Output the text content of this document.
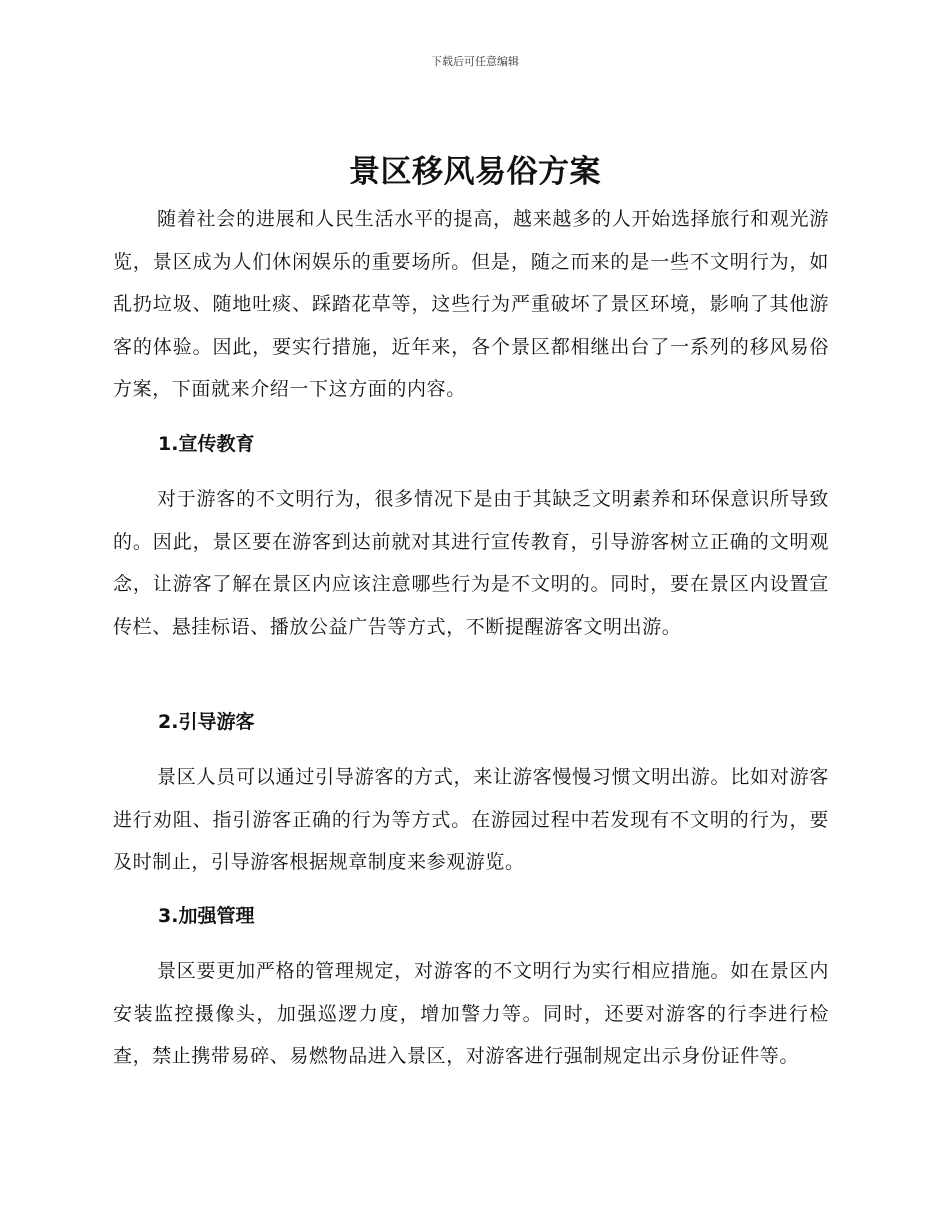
下载后可任意编辑
景区移风易俗方案

随着社会的进展和人民生活水平的提高，越来越多的人开始选择旅行和观光游览，景区成为人们休闲娱乐的重要场所。但是，随之而来的是一些不文明行为，如乱扔垃圾、随地吐痰、踩踏花草等，这些行为严重破坏了景区环境，影响了其他游客的体验。因此，要实行措施，近年来，各个景区都相继出台了一系列的移风易俗方案，下面就来介绍一下这方面的内容。

1.宣传教育

对于游客的不文明行为，很多情况下是由于其缺乏文明素养和环保意识所导致的。因此，景区要在游客到达前就对其进行宣传教育，引导游客树立正确的文明观念，让游客了解在景区内应该注意哪些行为是不文明的。同时，要在景区内设置宣传栏、悬挂标语、播放公益广告等方式，不断提醒游客文明出游。

2.引导游客

景区人员可以通过引导游客的方式，来让游客慢慢习惯文明出游。比如对游客进行劝阻、指引游客正确的行为等方式。在游园过程中若发现有不文明的行为，要及时制止，引导游客根据规章制度来参观游览。

3.加强管理

景区要更加严格的管理规定，对游客的不文明行为实行相应措施。如在景区内安装监控摄像头，加强巡逻力度，增加警力等。同时，还要对游客的行李进行检查，禁止携带易碎、易燃物品进入景区，对游客进行强制规定出示身份证件等。
